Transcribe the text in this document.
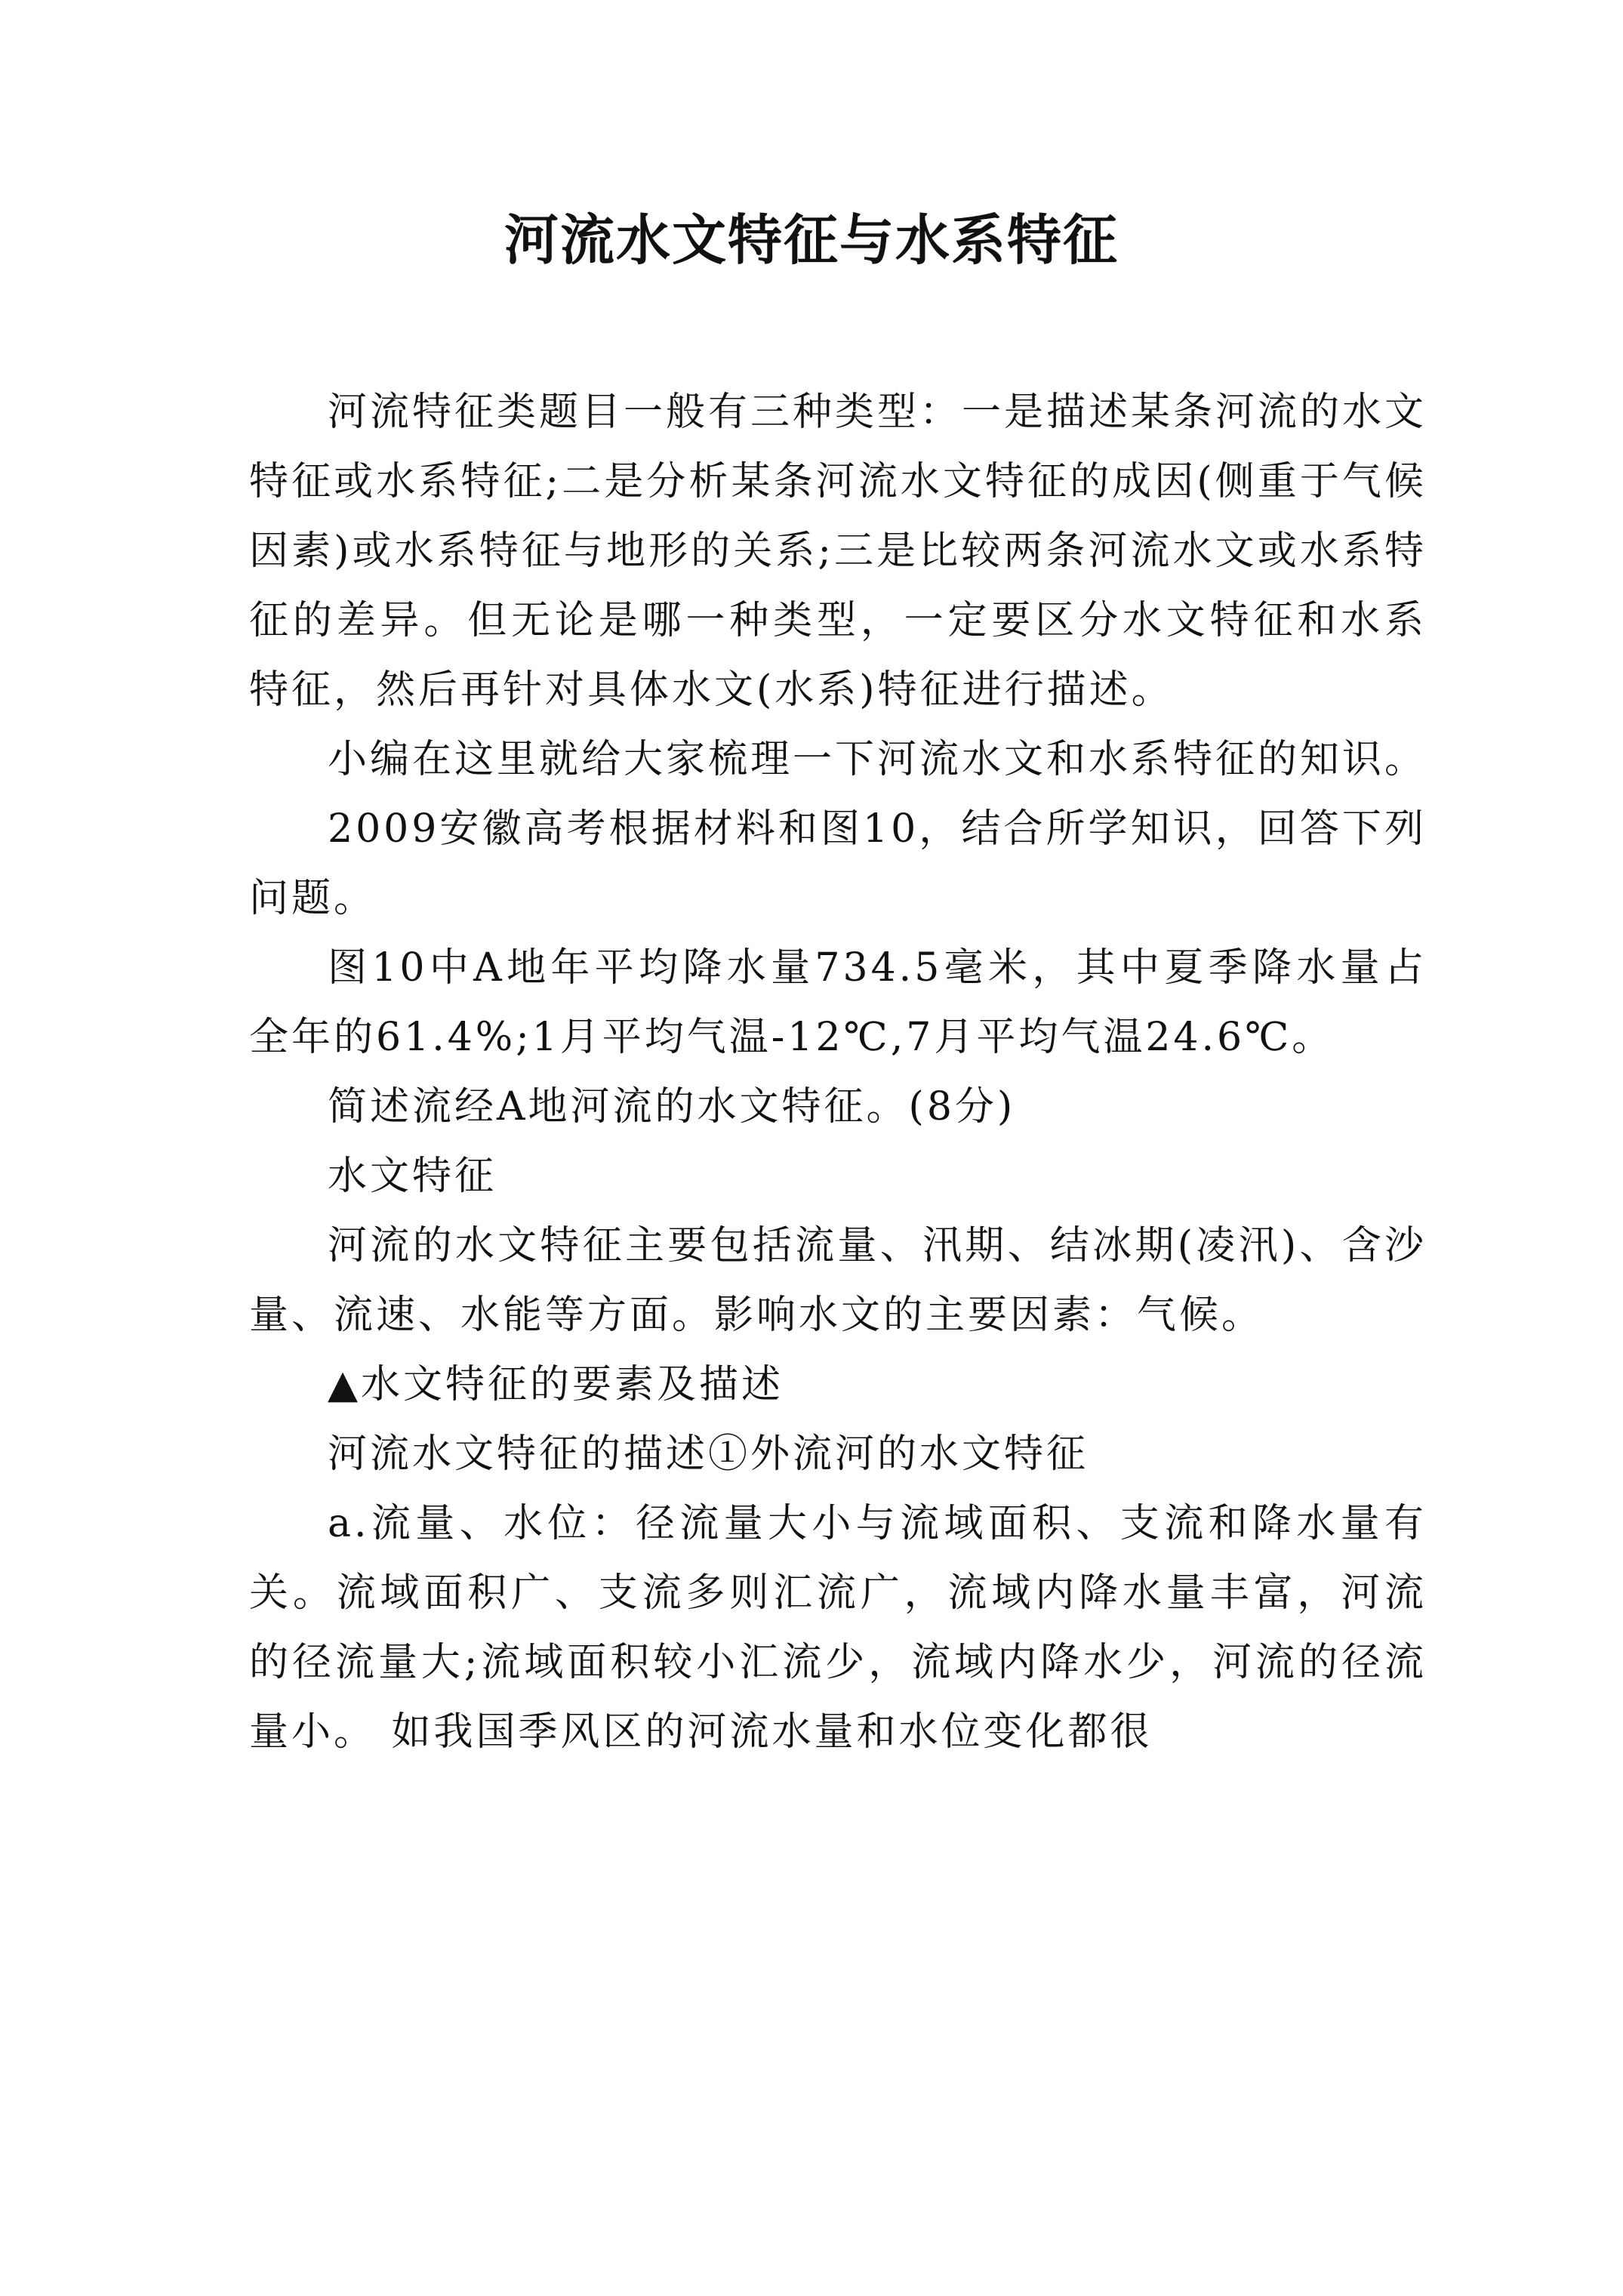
河流水文特征与水系特征

河流特征类题目一般有三种类型：一是描述某条河流的水文特征或水系特征;二是分析某条河流水文特征的成因(侧重于气候因素)或水系特征与地形的关系;三是比较两条河流水文或水系特征的差异。但无论是哪一种类型，一定要区分水文特征和水系特征，然后再针对具体水文(水系)特征进行描述。

小编在这里就给大家梳理一下河流水文和水系特征的知识。

2009安徽高考根据材料和图10，结合所学知识，回答下列问题。

图10中A地年平均降水量734.5毫米，其中夏季降水量占全年的61.4%;1月平均气温-12℃,7月平均气温24.6℃。

简述流经A地河流的水文特征。(8分)

水文特征

河流的水文特征主要包括流量、汛期、结冰期(凌汛)、含沙量、流速、水能等方面。影响水文的主要因素：气候。

▲水文特征的要素及描述

河流水文特征的描述①外流河的水文特征

a.流量、水位：径流量大小与流域面积、支流和降水量有关。流域面积广、支流多则汇流广，流域内降水量丰富，河流的径流量大;流域面积较小汇流少，流域内降水少，河流的径流量小。 如我国季风区的河流水量和水位变化都很
